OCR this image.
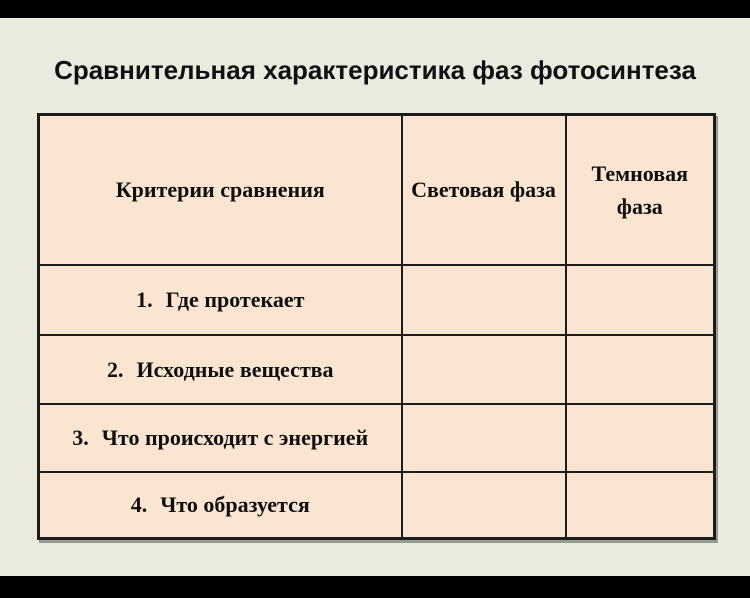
Сравнительная характеристика фаз фотосинтеза
Критерии сравнения	Световая фаза	Темновая фаза
1. Где протекает		
2. Исходные вещества		
3. Что происходит с энергией		
4. Что образуется		
